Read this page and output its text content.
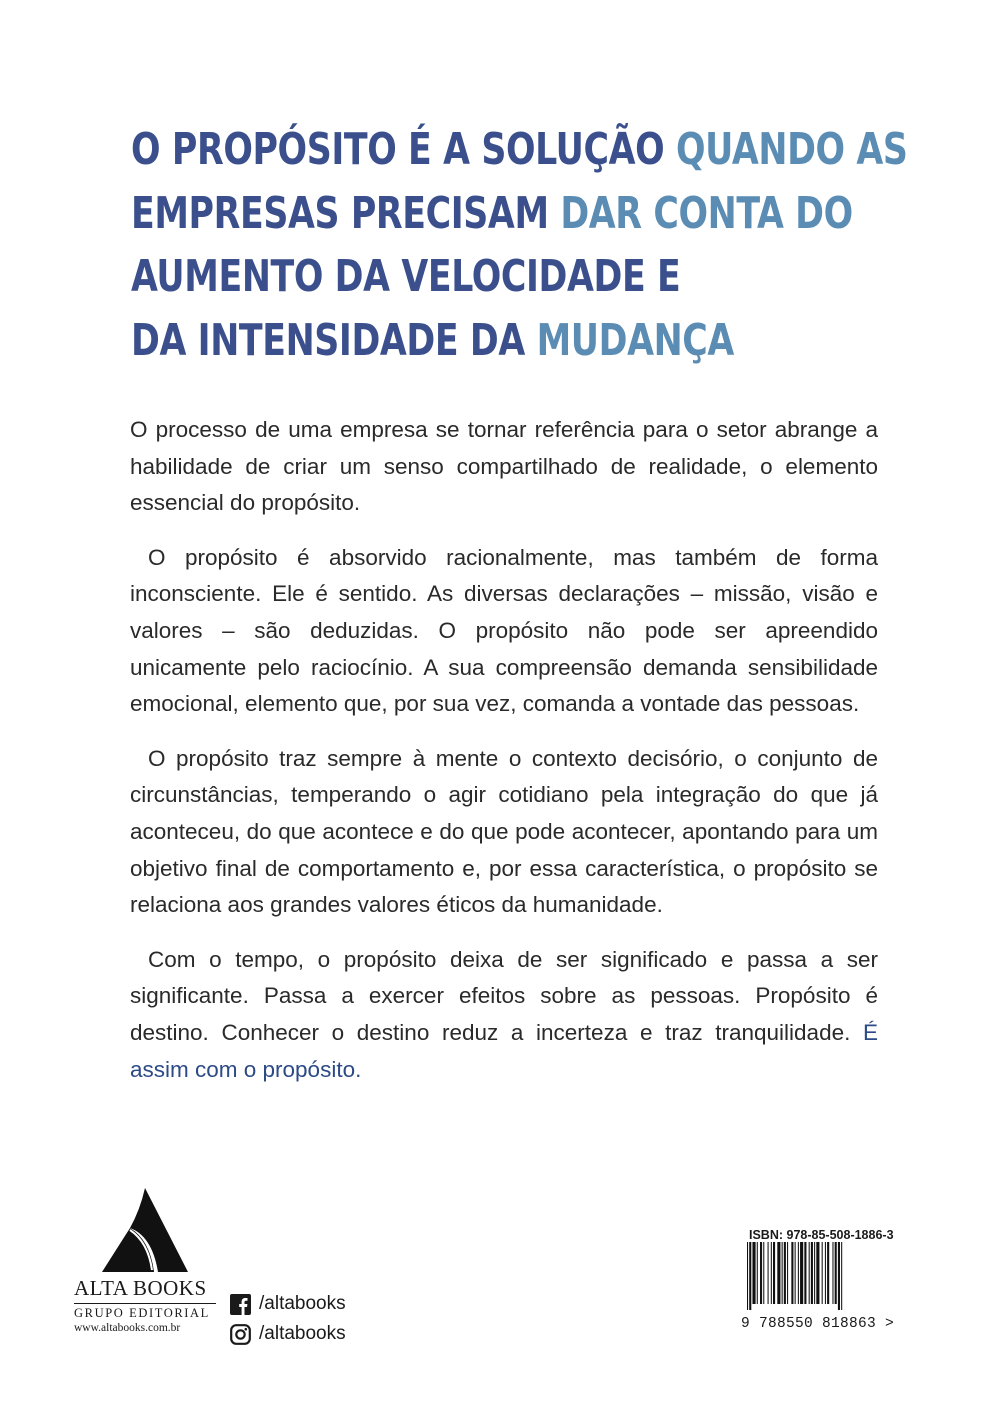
O PROPÓSITO É A SOLUÇÃO QUANDO AS
EMPRESAS PRECISAM DAR CONTA DO
AUMENTO DA VELOCIDADE E
DA INTENSIDADE DA MUDANÇA

O processo de uma empresa se tornar referência para o setor abrange a habilidade de criar um senso compartilhado de realidade, o elemento essencial do propósito.

O propósito é absorvido racionalmente, mas também de forma inconsciente. Ele é sentido. As diversas declarações – missão, visão e valores – são deduzidas. O propósito não pode ser apreendido unicamente pelo raciocínio. A sua compreensão demanda sensibilidade emocional, elemento que, por sua vez, comanda a vontade das pessoas.

O propósito traz sempre à mente o contexto decisório, o conjunto de circunstâncias, temperando o agir cotidiano pela integração do que já aconteceu, do que acontece e do que pode acontecer, apontando para um objetivo final de comportamento e, por essa característica, o propósito se relaciona aos grandes valores éticos da humanidade.

Com o tempo, o propósito deixa de ser significado e passa a ser significante. Passa a exercer efeitos sobre as pessoas. Propósito é destino. Conhecer o destino reduz a incerteza e traz tranquilidade. É assim com o propósito.

ALTA BOOKS
GRUPO EDITORIAL
www.altabooks.com.br
/altabooks
/altabooks
ISBN: 978-85-508-1886-3
9 788550 818863 >
